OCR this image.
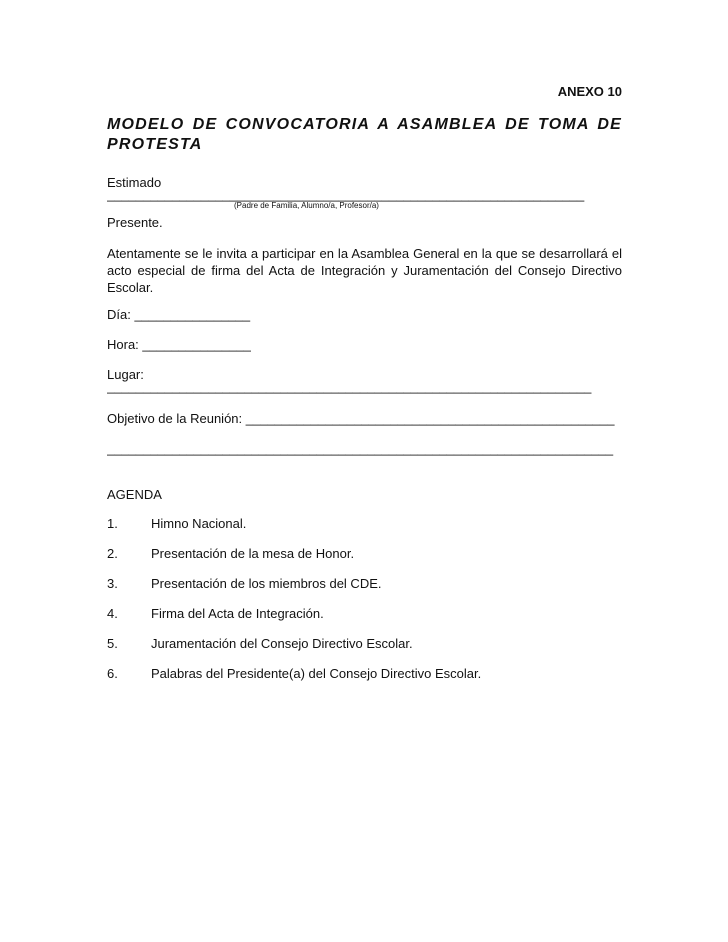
ANEXO 10
MODELO DE CONVOCATORIA A ASAMBLEA DE TOMA DE PROTESTA

Estimado

__________________________________________________________________

(Padre de Familia, Alumno/a, Profesor/a)

Presente.

Atentamente se le invita a participar en la Asamblea General en la que se desarrollará el acto especial de firma del Acta de Integración y Juramentación del Consejo Directivo Escolar.

Día: ________________

Hora: _______________

Lugar:

___________________________________________________________________

Objetivo de la Reunión: ___________________________________________________

______________________________________________________________________

AGENDA

1.	Himno Nacional.
2.	Presentación de la mesa de Honor.
3.	Presentación de los miembros del CDE.
4.	Firma del Acta de Integración.
5.	Juramentación del Consejo Directivo Escolar.
6.	Palabras del Presidente(a) del Consejo Directivo Escolar.
